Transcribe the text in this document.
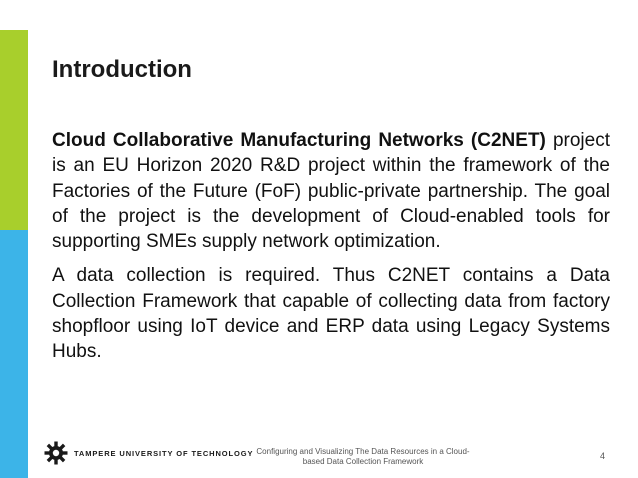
Introduction

Cloud Collaborative Manufacturing Networks (C2NET) project is an EU Horizon 2020 R&D project within the framework of the Factories of the Future (FoF) public-private partnership. The goal of the project is the development of Cloud-enabled tools for supporting SMEs supply network optimization.

A data collection is required. Thus C2NET contains a Data Collection Framework that capable of collecting data from factory shopfloor using IoT device and ERP data using Legacy Systems Hubs.

TAMPERE UNIVERSITY OF TECHNOLOGY Configuring and Visualizing The Data Resources in a Cloud-based Data Collection Framework
4
